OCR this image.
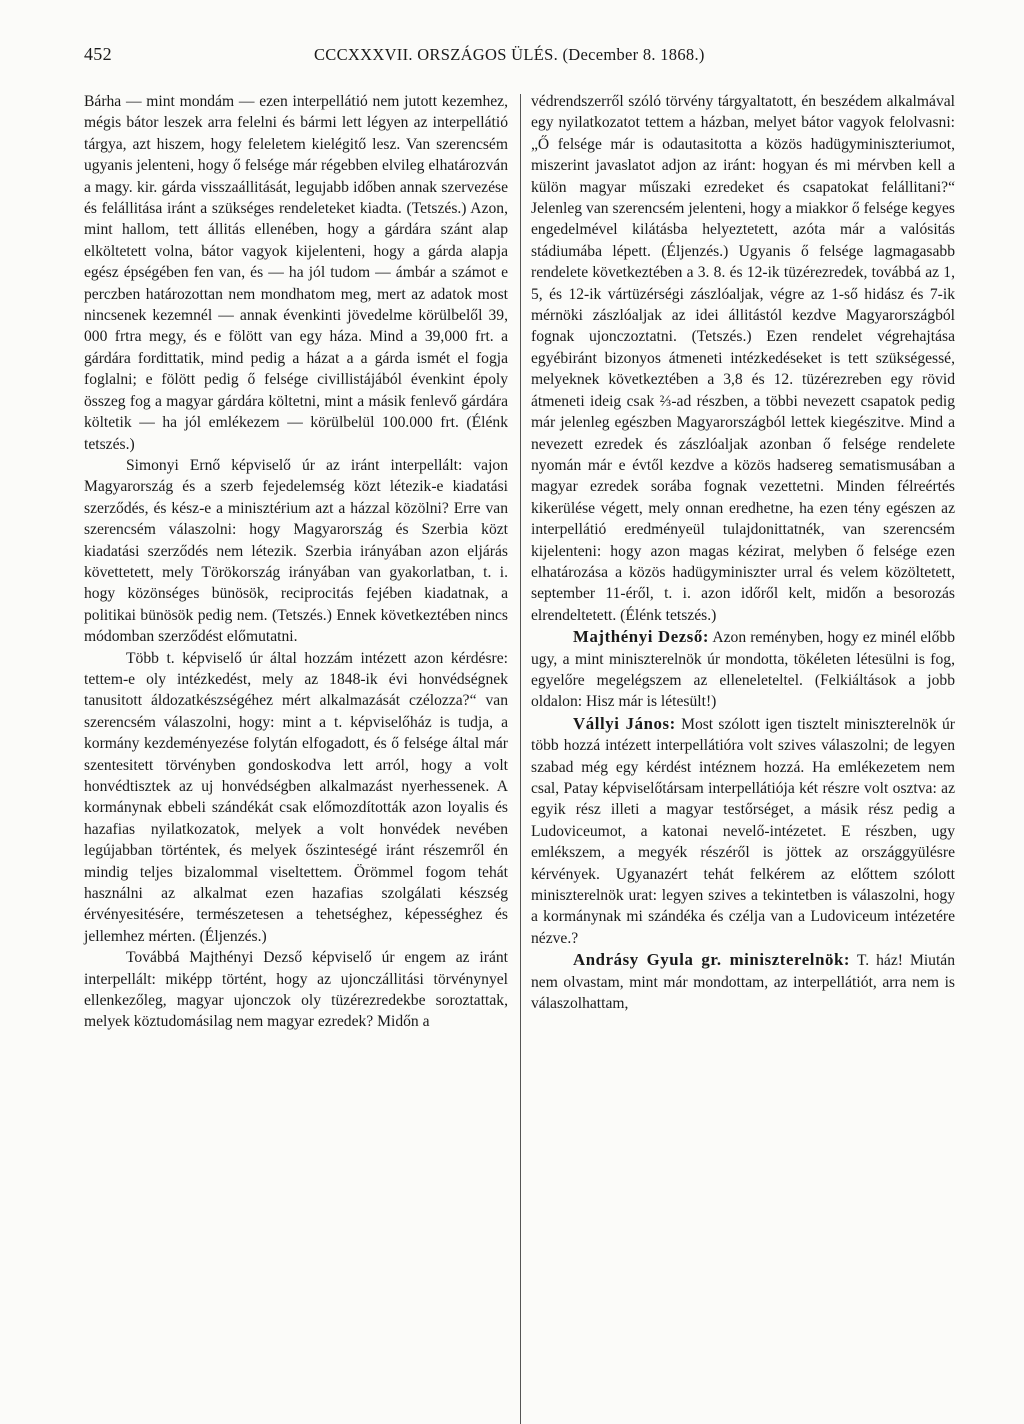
452	CCCXXXVII. ORSZÁGOS ÜLÉS. (December 8. 1868.)

Bárha — mint mondám — ezen interpellátió nem jutott kezemhez, mégis bátor leszek arra felelni és bármi lett légyen az interpellátió tárgya, azt hiszem, hogy feleletem kielégitő lesz. Van szerencsém ugyanis jelenteni, hogy ő felsége már régebben elvileg elhatározván a magy. kir. gárda visszaállitását, legujabb időben annak szervezése és felállitása iránt a szükséges rendeleteket kiadta. (Tetszés.) Azon, mint hallom, tett állitás ellenében, hogy a gárdára szánt alap elköltetett volna, bátor vagyok kijelenteni, hogy a gárda alapja egész épségében fen van, és — ha jól tudom — ámbár a számot e perczben határozottan nem mondhatom meg, mert az adatok most nincsenek kezemnél — annak évenkinti jövedelme körülbelől 39, 000 frtra megy, és e fölött van egy háza. Mind a 39,000 frt. a gárdára fordittatik, mind pedig a házat a a gárda ismét el fogja foglalni; e fölött pedig ő felsége civillistájából évenkint époly összeg fog a magyar gárdára költetni, mint a másik fenlevő gárdára költetik — ha jól emlékezem — körülbelül 100.000 frt. (Élénk tetszés.)

Simonyi Ernő képviselő úr az iránt interpellált: vajon Magyarország és a szerb fejedelemség közt létezik-e kiadatási szerződés, és kész-e a minisztérium azt a házzal közölni? Erre van szerencsém válaszolni: hogy Magyarország és Szerbia közt kiadatási szerződés nem létezik. Szerbia irányában azon eljárás követtetett, mely Törökország irányában van gyakorlatban, t. i. hogy közönséges bünösök, reciprocitás fejében kiadatnak, a politikai bünösök pedig nem. (Tetszés.) Ennek következtében nincs módomban szerződést előmutatni.

Több t. képviselő úr által hozzám intézett azon kérdésre: tettem-e oly intézkedést, mely az 1848-ik évi honvédségnek tanusitott áldozatkészségéhez mért alkalmazását czélozza?“ van szerencsém válaszolni, hogy: mint a t. képviselőház is tudja, a kormány kezdeményezése folytán elfogadott, és ő felsége által már szentesitett törvényben gondoskodva lett arról, hogy a volt honvédtisztek az uj honvédségben alkalmazást nyerhessenek. A kormánynak ebbeli szándékát csak előmozdították azon loyalis és hazafias nyilatkozatok, melyek a volt honvédek nevében legújabban történtek, és melyek őszinteségé iránt részemről én mindig teljes bizalommal viseltettem. Örömmel fogom tehát használni az alkalmat ezen hazafias szolgálati készség érvényesitésére, természetesen a tehetséghez, képességhez és jellemhez mérten. (Éljenzés.)

Továbbá Majthényi Dezső képviselő úr engem az iránt interpellált: miképp történt, hogy az ujonczállitási törvénynyel ellenkezőleg, magyar ujonczok oly tüzérezredekbe soroztattak, melyek köztudomásilag nem magyar ezredek? Midőn a

védrendszerről szóló törvény tárgyaltatott, én beszédem alkalmával egy nyilatkozatot tettem a házban, melyet bátor vagyok felolvasni: „Ő felsége már is odautasitotta a közös hadügyminiszteriumot, miszerint javaslatot adjon az iránt: hogyan és mi mérvben kell a külön magyar műszaki ezredeket és csapatokat felállitani?“ Jelenleg van szerencsém jelenteni, hogy a miakkor ő felsége kegyes engedelmével kilátásba helyeztetett, azóta már a valósitás stádiumába lépett. (Éljenzés.) Ugyanis ő felsége lagmagasabb rendelete következtében a 3. 8. és 12-ik tüzérezredek, továbbá az 1, 5, és 12-ik vártüzérségi zászlóaljak, végre az 1-ső hidász és 7-ik mérnöki zászlóaljak az idei állitástól kezdve Magyarországból fognak ujonczoztatni. (Tetszés.) Ezen rendelet végrehajtása egyébiránt bizonyos átmeneti intézkedéseket is tett szükségessé, melyeknek következtében a 3,8 és 12. tüzérezreben egy rövid átmeneti ideig csak ⅔-ad részben, a többi nevezett csapatok pedig már jelenleg egészben Magyarországból lettek kiegészitve. Mind a nevezett ezredek és zászlóaljak azonban ő felsége rendelete nyomán már e évtől kezdve a közös hadsereg sematismusában a magyar ezredek sorába fognak vezettetni. Minden félreértés kikerülése végett, mely onnan eredhetne, ha ezen tény egészen az interpellátió eredményeül tulajdonittatnék, van szerencsém kijelenteni: hogy azon magas kézirat, melyben ő felsége ezen elhatározása a közös hadügyminiszter urral és velem közöltetett, september 11-éről, t. i. azon időről kelt, midőn a besorozás elrendeltetett. (Élénk tetszés.)

Majthényi Dezső: Azon reményben, hogy ez minél előbb ugy, a mint miniszterelnök úr mondotta, tökéleten létesülni is fog, egyelőre megelégszem az elleneleteltel. (Felkiáltások a jobb oldalon: Hisz már is létesült!)

Vállyi János: Most szólott igen tisztelt miniszterelnök úr több hozzá intézett interpellátióra volt szives válaszolni; de legyen szabad még egy kérdést intéznem hozzá. Ha emlékezetem nem csal, Patay képviselőtársam interpellátiója két részre volt osztva: az egyik rész illeti a magyar testőrséget, a másik rész pedig a Ludoviceumot, a katonai nevelő-intézetet. E részben, ugy emlékszem, a megyék részéről is jöttek az országgyülésre kérvények. Ugyanazért tehát felkérem az előttem szólott miniszterelnök urat: legyen szives a tekintetben is válaszolni, hogy a kormánynak mi szándéka és czélja van a Ludoviceum intézetére nézve.?

Andrásy Gyula gr. miniszterelnök: T. ház! Miután nem olvastam, mint már mondottam, az interpellátiót, arra nem is válaszolhattam,
